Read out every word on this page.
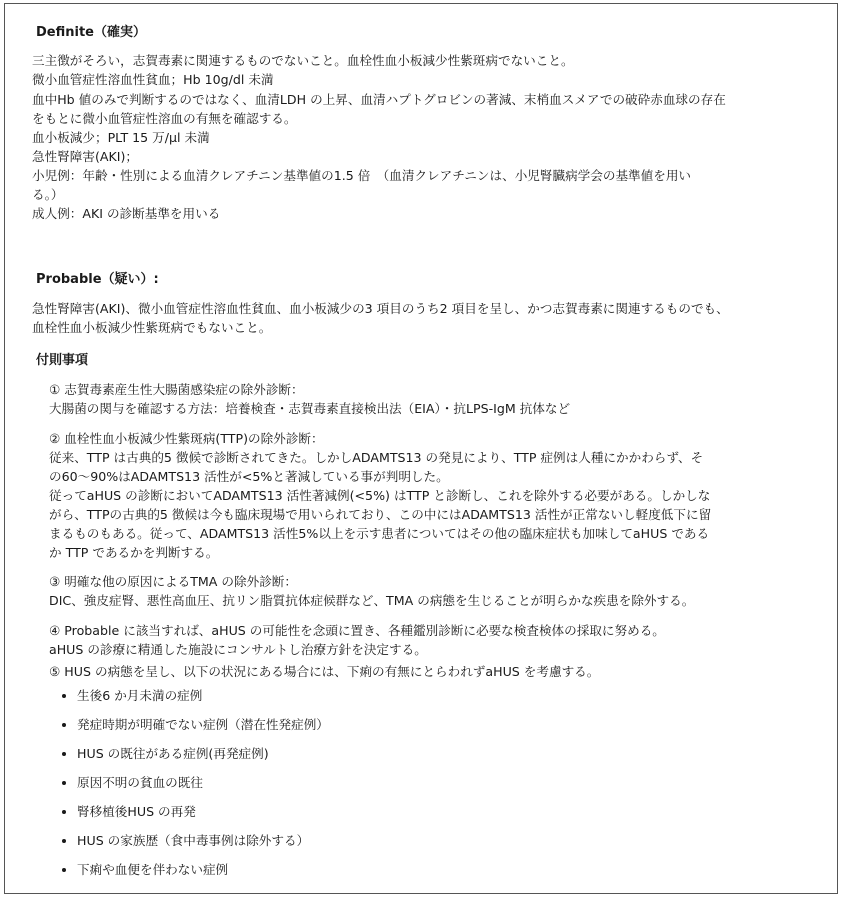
Definite（確実）
三主徴がそろい，志賀毒素に関連するものでないこと。血栓性血小板減少性紫斑病でないこと。
微小血管症性溶血性貧血；Hb 10g/dl 未満
血中Hb 値のみで判断するのではなく、血清LDH の上昇、血清ハプトグロビンの著減、末梢血スメアでの破砕赤血球の存在
をもとに微小血管症性溶血の有無を確認する。
血小板減少；PLT 15 万/μl 未満
急性腎障害(AKI)；
小児例：年齢・性別による血清クレアチニン基準値の1.5 倍　（血清クレアチニンは、小児腎臓病学会の基準値を用い
る。）
成人例：AKI の診断基準を用いる
Probable（疑い）:
急性腎障害(AKI)、微小血管症性溶血性貧血、血小板減少の3 項目のうち2 項目を呈し、かつ志賀毒素に関連するものでも、
血栓性血小板減少性紫斑病でもないこと。
付則事項
① 志賀毒素産生性大腸菌感染症の除外診断：
大腸菌の関与を確認する方法：培養検査・志賀毒素直接検出法（EIA）・抗LPS-IgM 抗体など
② 血栓性血小板減少性紫斑病(TTP)の除外診断：
従来、TTP は古典的5 徴候で診断されてきた。しかしADAMTS13 の発見により、TTP 症例は人種にかかわらず、そ
の60～90%はADAMTS13 活性が<5%と著減している事が判明した。
従ってaHUS の診断においてADAMTS13 活性著減例(<5%) はTTP と診断し、これを除外する必要がある。しかしな
がら、TTPの古典的5 徴候は今も臨床現場で用いられており、この中にはADAMTS13 活性が正常ないし軽度低下に留
まるものもある。従って、ADAMTS13 活性5%以上を示す患者についてはその他の臨床症状も加味してaHUS である
か TTP であるかを判断する。
③ 明確な他の原因によるTMA の除外診断：
DIC、強皮症腎、悪性高血圧、抗リン脂質抗体症候群など、TMA の病態を生じることが明らかな疾患を除外する。
④ Probable に該当すれば、aHUS の可能性を念頭に置き、各種鑑別診断に必要な検査検体の採取に努める。
aHUS の診療に精通した施設にコンサルトし治療方針を決定する。
⑤ HUS の病態を呈し、以下の状況にある場合には、下痢の有無にとらわれずaHUS を考慮する。
生後6 か月未満の症例
発症時期が明確でない症例（潜在性発症例）
HUS の既往がある症例(再発症例)
原因不明の貧血の既往
腎移植後HUS の再発
HUS の家族歴（食中毒事例は除外する）
下痢や血便を伴わない症例
